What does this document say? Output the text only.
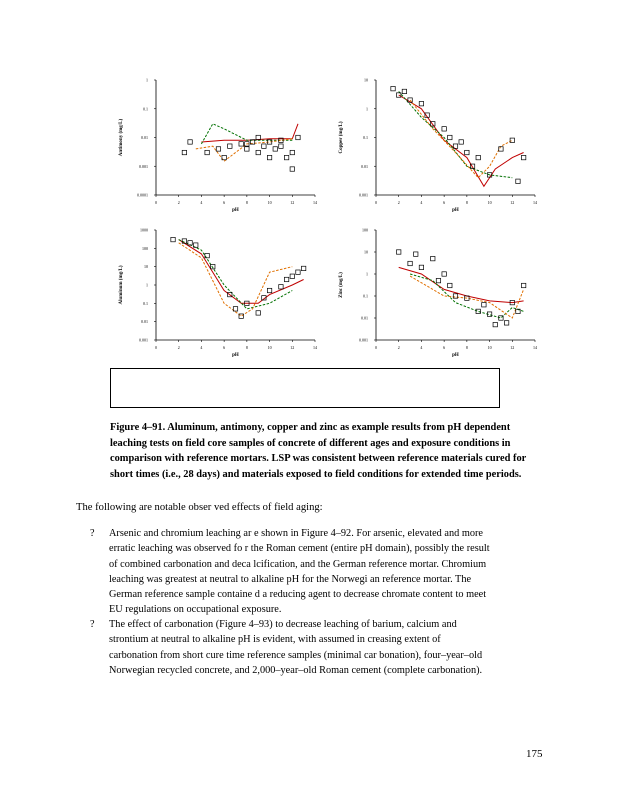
0	2	4	6	8	10	12	14
1
0.1
0.01
0.001
0.0001
pH
Antimony (mg/L)
0	2	4	6	8	10	12	14
10
1
0.1
0.01
0.001
pH
Copper (mg/L)
0	2	4	6	8	10	12	14
1000
100
10
1
0.1
0.01
0.001
pH
Aluminum (mg/L)
0	2	4	6	8	10	12	14
100
10
1
0.1
0.01
0.001
pH
Zinc (mg/L)

Figure 4–91. Aluminum, antimony, copper and zinc as example results from pH dependent
leaching tests on field core samples of concrete of different ages and exposure conditions in
comparison with reference mortars. LSP was consistent between reference materials cured for
short times (i.e., 28 days) and materials exposed to field conditions for extended time periods.

The following are notable obser ved effects of field aging:

? Arsenic and chromium leaching ar e shown in Figure 4–92. For arsenic, elevated and more
erratic leaching was observed fo r the Roman cement (entire pH domain), possibly the result
of combined carbonation and deca lcification, and the German reference mortar. Chromium
leaching was greatest at neutral to alkaline pH for the Norwegi an reference mortar. The
German reference sample containe d a reducing agent to decrease chromate content to meet
EU regulations on occupational exposure.

? The effect of carbonation (Figure 4–93) to decrease leaching of barium, calcium and
strontium at neutral to alkaline pH is evident, with assumed in creasing extent of
carbonation from short cure time reference samples (minimal car bonation), four–year–old
Norwegian recycled concrete, and 2,000–year–old Roman cement (complete carbonation).

175
